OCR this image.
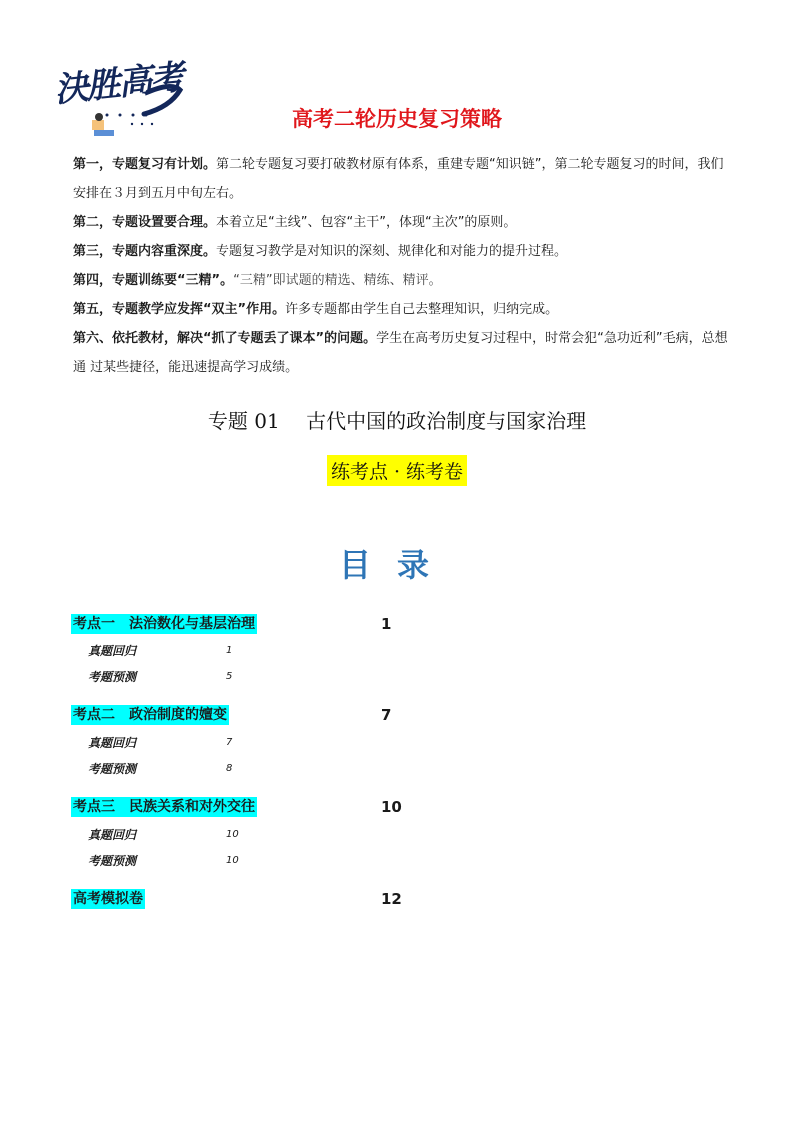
決胜高考
高考二轮历史复习策略

第一，专题复习有计划。第二轮专题复习要打破教材原有体系，重建专题“知识链”，第二轮专题复习的时间，我们安排在３月到五月中旬左右。

第二，专题设置要合理。本着立足“主线”、包容“主干”，体现“主次”的原则。

第三，专题内容重深度。专题复习教学是对知识的深刻、规律化和对能力的提升过程。

第四，专题训练要“三精”。“三精”即试题的精选、精练、精评。

第五，专题教学应发挥“双主”作用。许多专题都由学生自己去整理知识，归纳完成。

第六、依托教材，解决“抓了专题丢了课本”的问题。学生在高考历史复习过程中，时常会犯“急功近利”毛病，总想通 过某些捷径，能迅速提高学习成绩。

专题 01　 古代中国的政治制度与国家治理
练考点 · 练考卷
目录
考点一　法治数化与基层治理	1
真题回归	1
考题预测	5
考点二　政治制度的嬗变	7
真题回归	7
考题预测	8
考点三　民族关系和对外交往	10
真题回归	10
考题预测	10
高考模拟卷	12
